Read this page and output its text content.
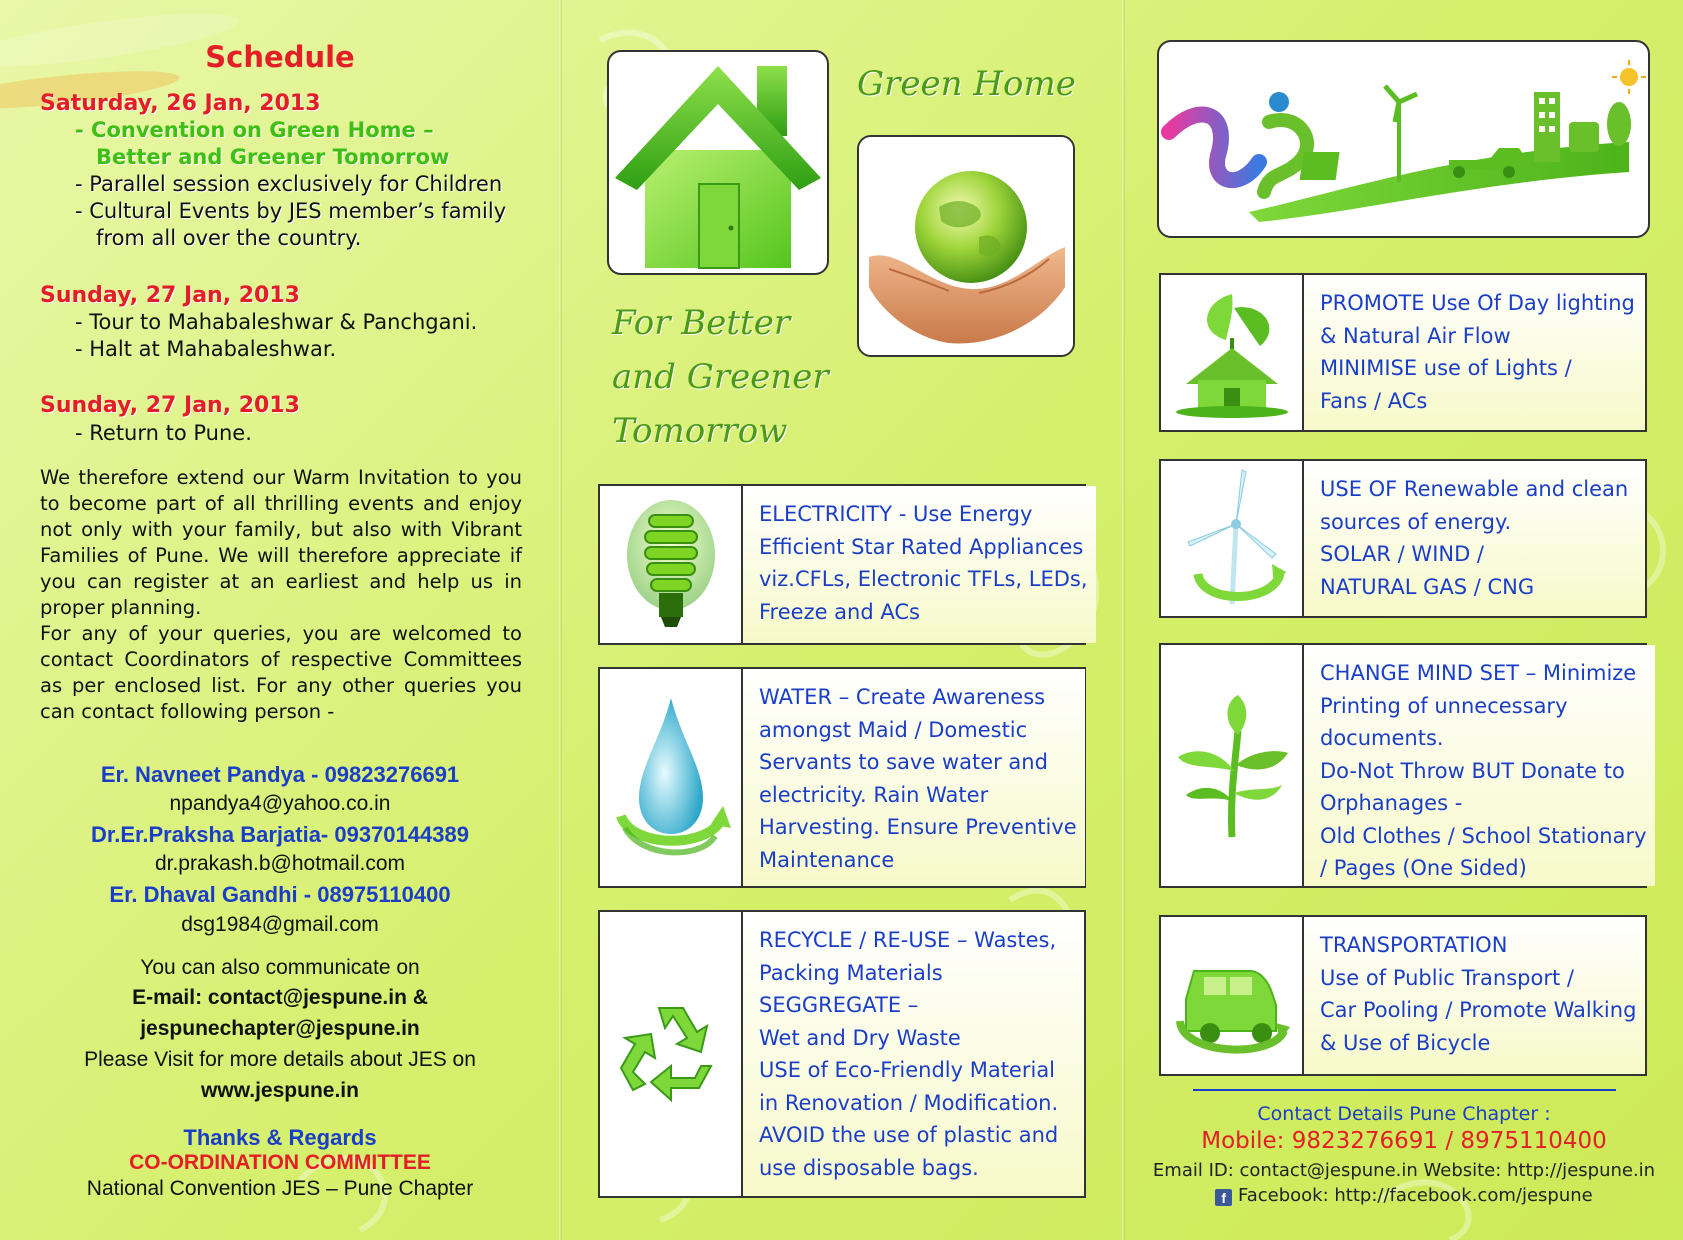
Schedule
Saturday, 26 Jan, 2013
- Convention on Green Home –
Better and Greener Tomorrow
- Parallel session exclusively for Children
- Cultural Events by JES member’s family
from all over the country.
Sunday, 27 Jan, 2013
- Tour to Mahabaleshwar & Panchgani.
- Halt at Mahabaleshwar.
Sunday, 27 Jan, 2013
- Return to Pune.

We therefore extend our Warm Invitation to you to become part of all thrilling events and enjoy not only with your family, but also with Vibrant Families of Pune. We will therefore appreciate if you can register at an earliest and help us in proper planning.

For any of your queries, you are welcomed to contact Coordinators of respective Committees as per enclosed list. For any other queries you can contact following person -

Er. Navneet Pandya - 09823276691
npandya4@yahoo.co.in
Dr.Er.Praksha Barjatia- 09370144389
dr.prakash.b@hotmail.com
Er. Dhaval Gandhi - 08975110400
dsg1984@gmail.com
You can also communicate on
E-mail: contact@jespune.in &
jespunechapter@jespune.in
Please Visit for more details about JES on
www.jespune.in
Thanks & Regards
CO-ORDINATION COMMITTEE
National Convention JES – Pune Chapter
Green Home
For Better
and Greener
Tomorrow
ELECTRICITY - Use Energy
Efficient Star Rated Appliances
viz.CFLs, Electronic TFLs, LEDs,
Freeze and ACs
WATER – Create Awareness
amongst Maid / Domestic
Servants to save water and
electricity. Rain Water
Harvesting. Ensure Preventive
Maintenance
RECYCLE / RE-USE – Wastes,
Packing Materials
SEGGREGATE –
Wet and Dry Waste
USE of Eco-Friendly Material
in Renovation / Modification.
AVOID the use of plastic and
use disposable bags.
PROMOTE Use Of Day lighting
& Natural Air Flow
MINIMISE use of Lights /
Fans / ACs
USE OF Renewable and clean
sources of energy.
SOLAR / WIND /
NATURAL GAS / CNG
CHANGE MIND SET – Minimize
Printing of unnecessary
documents.
Do-Not Throw BUT Donate to
Orphanages -
Old Clothes / School Stationary
/ Pages (One Sided)
TRANSPORTATION
Use of Public Transport /
Car Pooling / Promote Walking
& Use of Bicycle
Contact Details Pune Chapter :
Mobile: 9823276691 / 8975110400
Email ID: contact@jespune.in Website: http://jespune.in
f Facebook: http://facebook.com/jespune
